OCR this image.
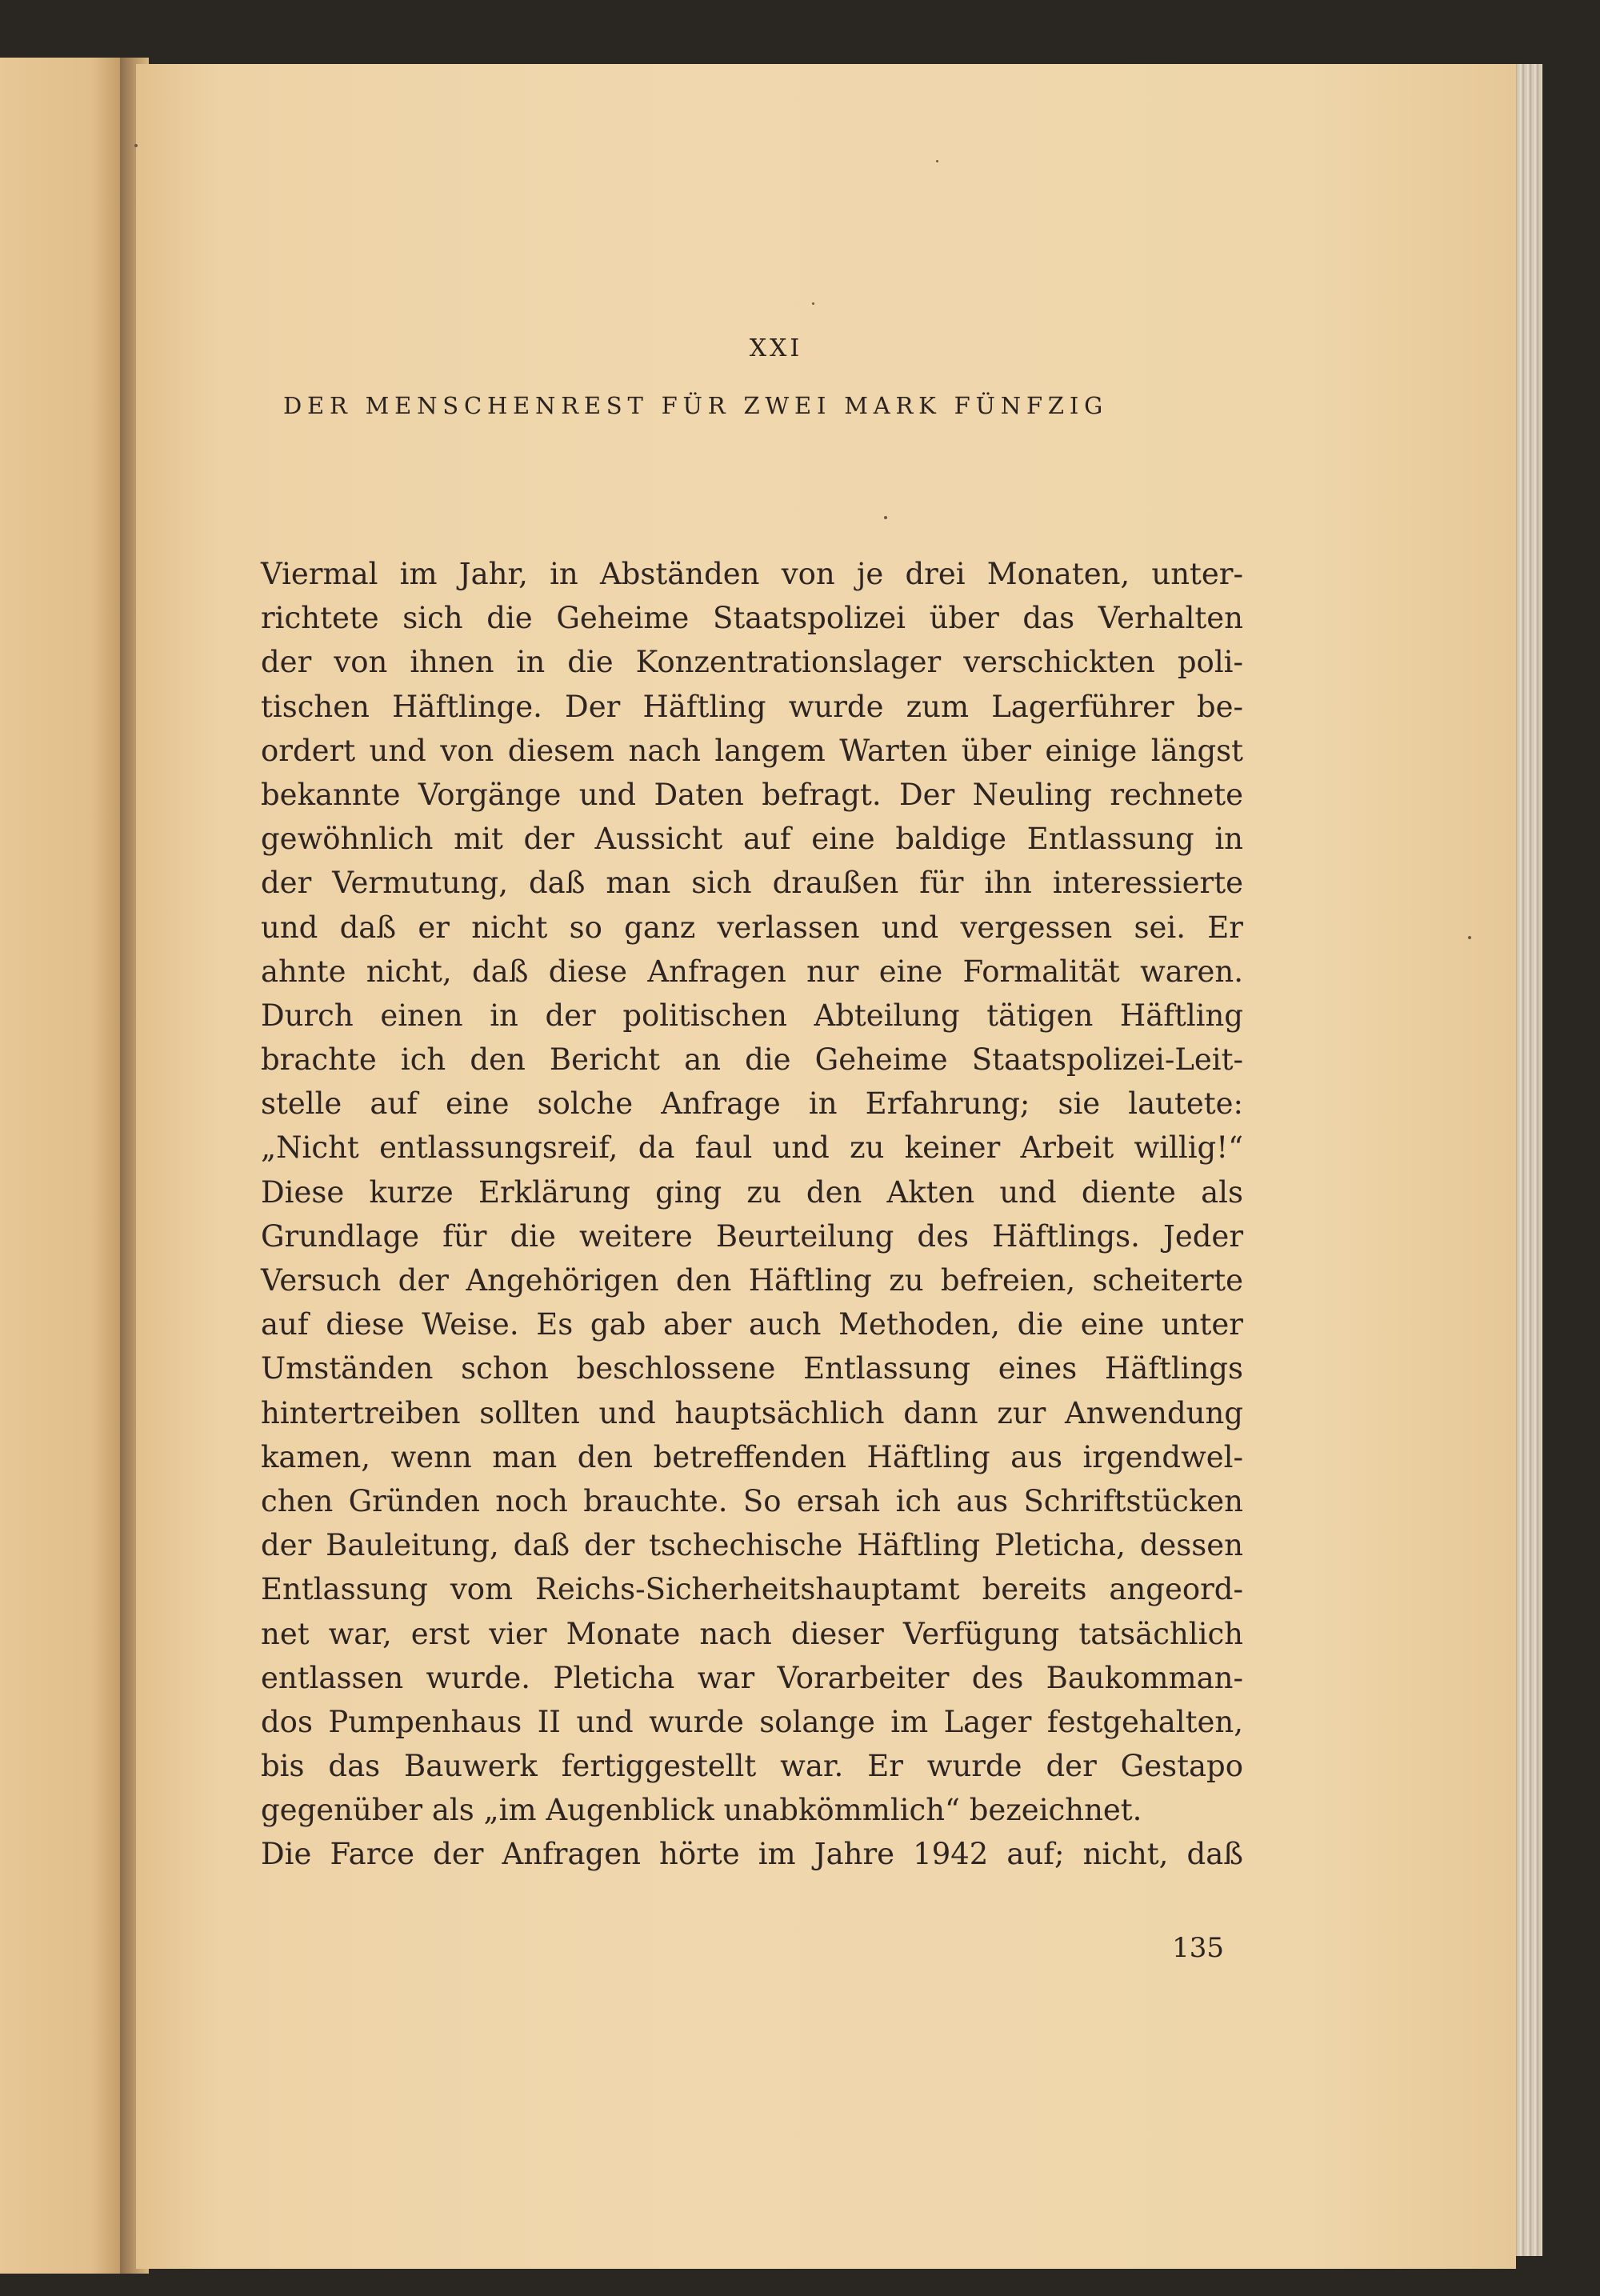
XXI
DER MENSCHENREST FÜR ZWEI MARK FÜNFZIG
Viermal im Jahr, in Abständen von je drei Monaten, unter-
richtete sich die Geheime Staatspolizei über das Verhalten
der von ihnen in die Konzentrationslager verschickten poli-
tischen Häftlinge. Der Häftling wurde zum Lagerführer be-
ordert und von diesem nach langem Warten über einige längst
bekannte Vorgänge und Daten befragt. Der Neuling rechnete
gewöhnlich mit der Aussicht auf eine baldige Entlassung in
der Vermutung, daß man sich draußen für ihn interessierte
und daß er nicht so ganz verlassen und vergessen sei. Er
ahnte nicht, daß diese Anfragen nur eine Formalität waren.
Durch einen in der politischen Abteilung tätigen Häftling
brachte ich den Bericht an die Geheime Staatspolizei-Leit-
stelle auf eine solche Anfrage in Erfahrung; sie lautete:
„Nicht entlassungsreif, da faul und zu keiner Arbeit willig!“
Diese kurze Erklärung ging zu den Akten und diente als
Grundlage für die weitere Beurteilung des Häftlings. Jeder
Versuch der Angehörigen den Häftling zu befreien, scheiterte
auf diese Weise. Es gab aber auch Methoden, die eine unter
Umständen schon beschlossene Entlassung eines Häftlings
hintertreiben sollten und hauptsächlich dann zur Anwendung
kamen, wenn man den betreffenden Häftling aus irgendwel-
chen Gründen noch brauchte. So ersah ich aus Schriftstücken
der Bauleitung, daß der tschechische Häftling Pleticha, dessen
Entlassung vom Reichs-Sicherheitshauptamt bereits angeord-
net war, erst vier Monate nach dieser Verfügung tatsächlich
entlassen wurde. Pleticha war Vorarbeiter des Baukomman-
dos Pumpenhaus II und wurde solange im Lager festgehalten,
bis das Bauwerk fertiggestellt war. Er wurde der Gestapo
gegenüber als „im Augenblick unabkömmlich“ bezeichnet.
Die Farce der Anfragen hörte im Jahre 1942 auf; nicht, daß
135
